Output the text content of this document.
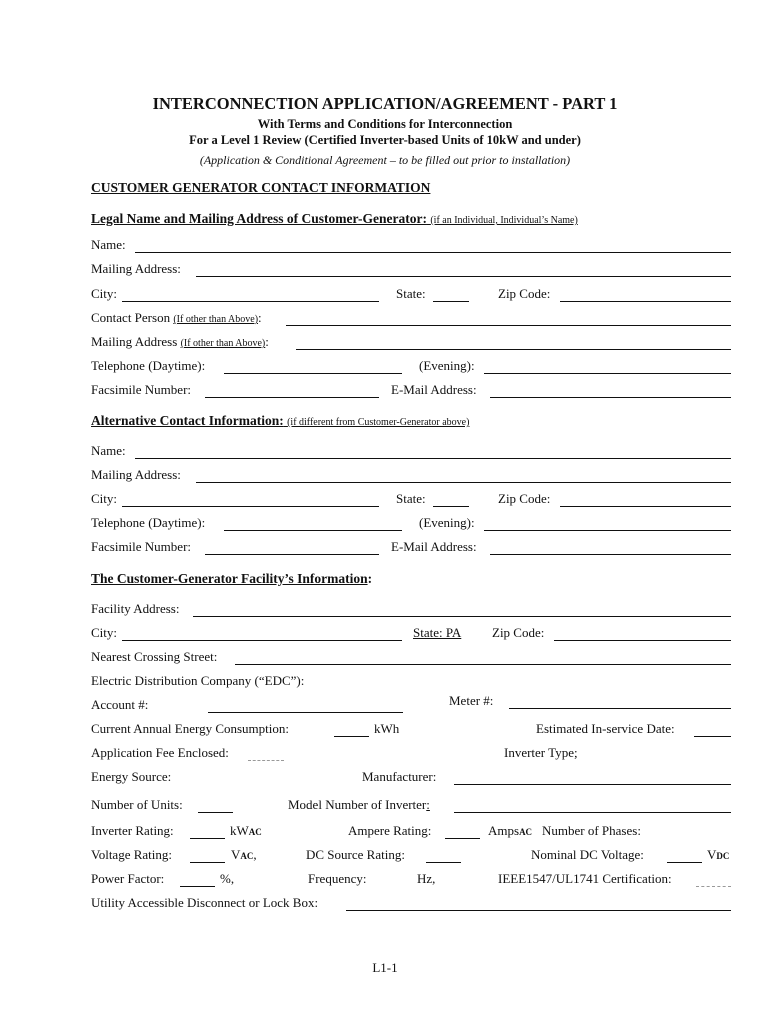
INTERCONNECTION APPLICATION/AGREEMENT - PART 1
With Terms and Conditions for Interconnection
For a Level 1 Review (Certified Inverter-based Units of 10kW and under)
(Application & Conditional Agreement – to be filled out prior to installation)
CUSTOMER GENERATOR CONTACT INFORMATION
Legal Name and Mailing Address of Customer-Generator: (if an Individual, Individual’s Name)
Name:
Mailing Address:
City:	State:	Zip Code:
Contact Person (If other than Above):
Mailing Address (If other than Above):
Telephone (Daytime):	(Evening):
Facsimile Number:	E-Mail Address:
Alternative Contact Information: (if different from Customer-Generator above)
Name:
Mailing Address:
City:	State:	Zip Code:
Telephone (Daytime):	(Evening):
Facsimile Number:	E-Mail Address:
The Customer-Generator Facility’s Information:
Facility Address:
City:	State: PA Zip Code:
Nearest Crossing Street:
Electric Distribution Company (“EDC”):
Account #:	Meter #:
Current Annual Energy Consumption:	kWh	Estimated In-service Date:
Application Fee Enclosed:	Inverter Type;
Energy Source:	Manufacturer:
Number of Units:	Model Number of Inverter:
Inverter Rating:	kWAC	Ampere Rating:	AmpsAC Number of Phases:
Voltage Rating:	VAC,	DC Source Rating:	Nominal DC Voltage:	VDC
Power Factor:	%,	Frequency:	Hz,	IEEE1547/UL1741 Certification:
Utility Accessible Disconnect or Lock Box:
L1-1
